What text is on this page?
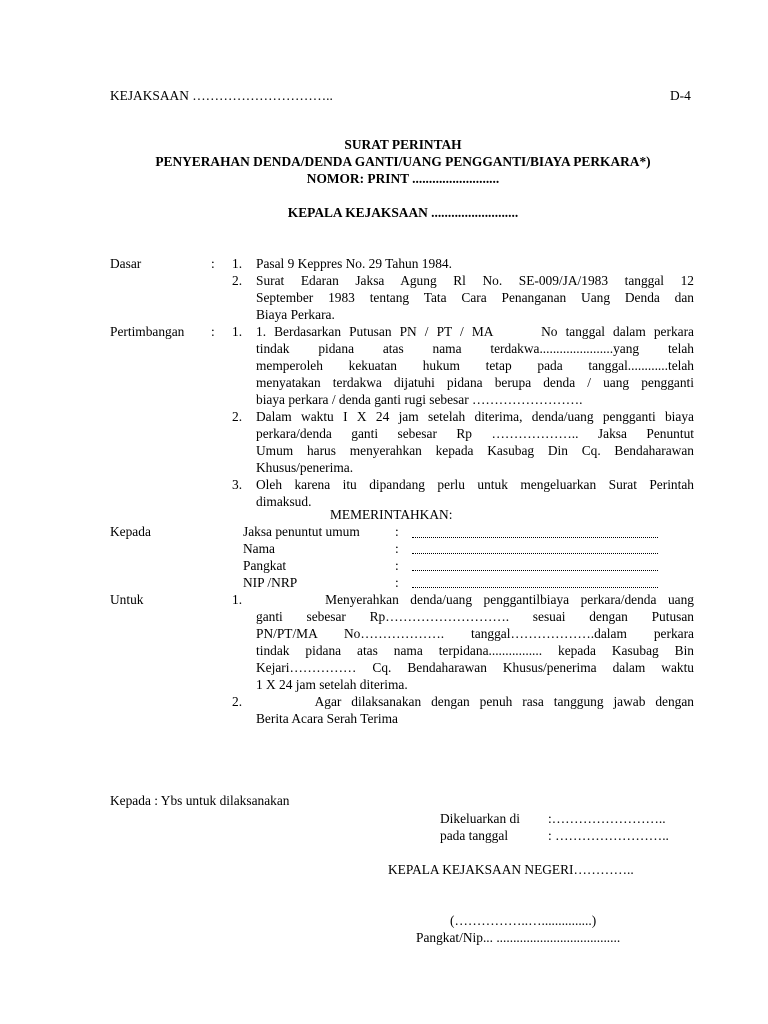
KEJAKSAAN …………………………..	D-4
SURAT PERINTAH
PENYERAHAN DENDA/DENDA GANTI/UANG PENGGANTI/BIAYA PERKARA*)
NOMOR: PRINT ..........................
KEPALA KEJAKSAAN ..........................
Dasar	: 1. Pasal 9 Keppres No. 29 Tahun 1984.
2. Surat Edaran Jaksa Agung Rl No. SE-009/JA/1983 tanggal 12
September 1983 tentang Tata Cara Penanganan Uang Denda dan
Biaya Perkara.
Pertimbangan : 1. 1. Berdasarkan Putusan PN / PT / MA      No tanggal dalam perkara
tindak pidana atas nama terdakwa......................yang telah
memperoleh kekuatan hukum tetap pada tanggal............telah
menyatakan terdakwa dijatuhi pidana berupa denda / uang pengganti
biaya perkara / denda ganti rugi sebesar …………………….
2. Dalam waktu I X 24 jam setelah diterima, denda/uang pengganti biaya
perkara/denda ganti sebesar Rp ……………….. Jaksa Penuntut
Umum harus menyerahkan kepada Kasubag Din Cq. Bendaharawan
Khusus/penerima.
3. Oleh karena itu dipandang perlu untuk mengeluarkan Surat Perintah
dimaksud.
MEMERINTAHKAN:
Kepada	Jaksa penuntut umum	:
Nama	:
Pangkat	:
NIP /NRP	:
Untuk	1. Menyerahkan denda/uang penggantilbiaya perkara/denda uang
ganti sebesar Rp………………………. sesuai dengan Putusan
PN/PT/MA No………………. tanggal……………….dalam perkara
tindak pidana atas nama terpidana................ kepada Kasubag Bin
Kejari…………… Cq. Bendaharawan Khusus/penerima dalam waktu
1 X 24 jam setelah diterima.
2. Agar dilaksanakan dengan penuh rasa tanggung jawab dengan
Berita Acara Serah Terima
Kepada : Ybs untuk dilaksanakan
Dikeluarkan di :……………………..
pada tanggal	: ……………………..
KEPALA KEJAKSAAN NEGERI…………..
(……………..…...............)
Pangkat/Nip... .....................................
